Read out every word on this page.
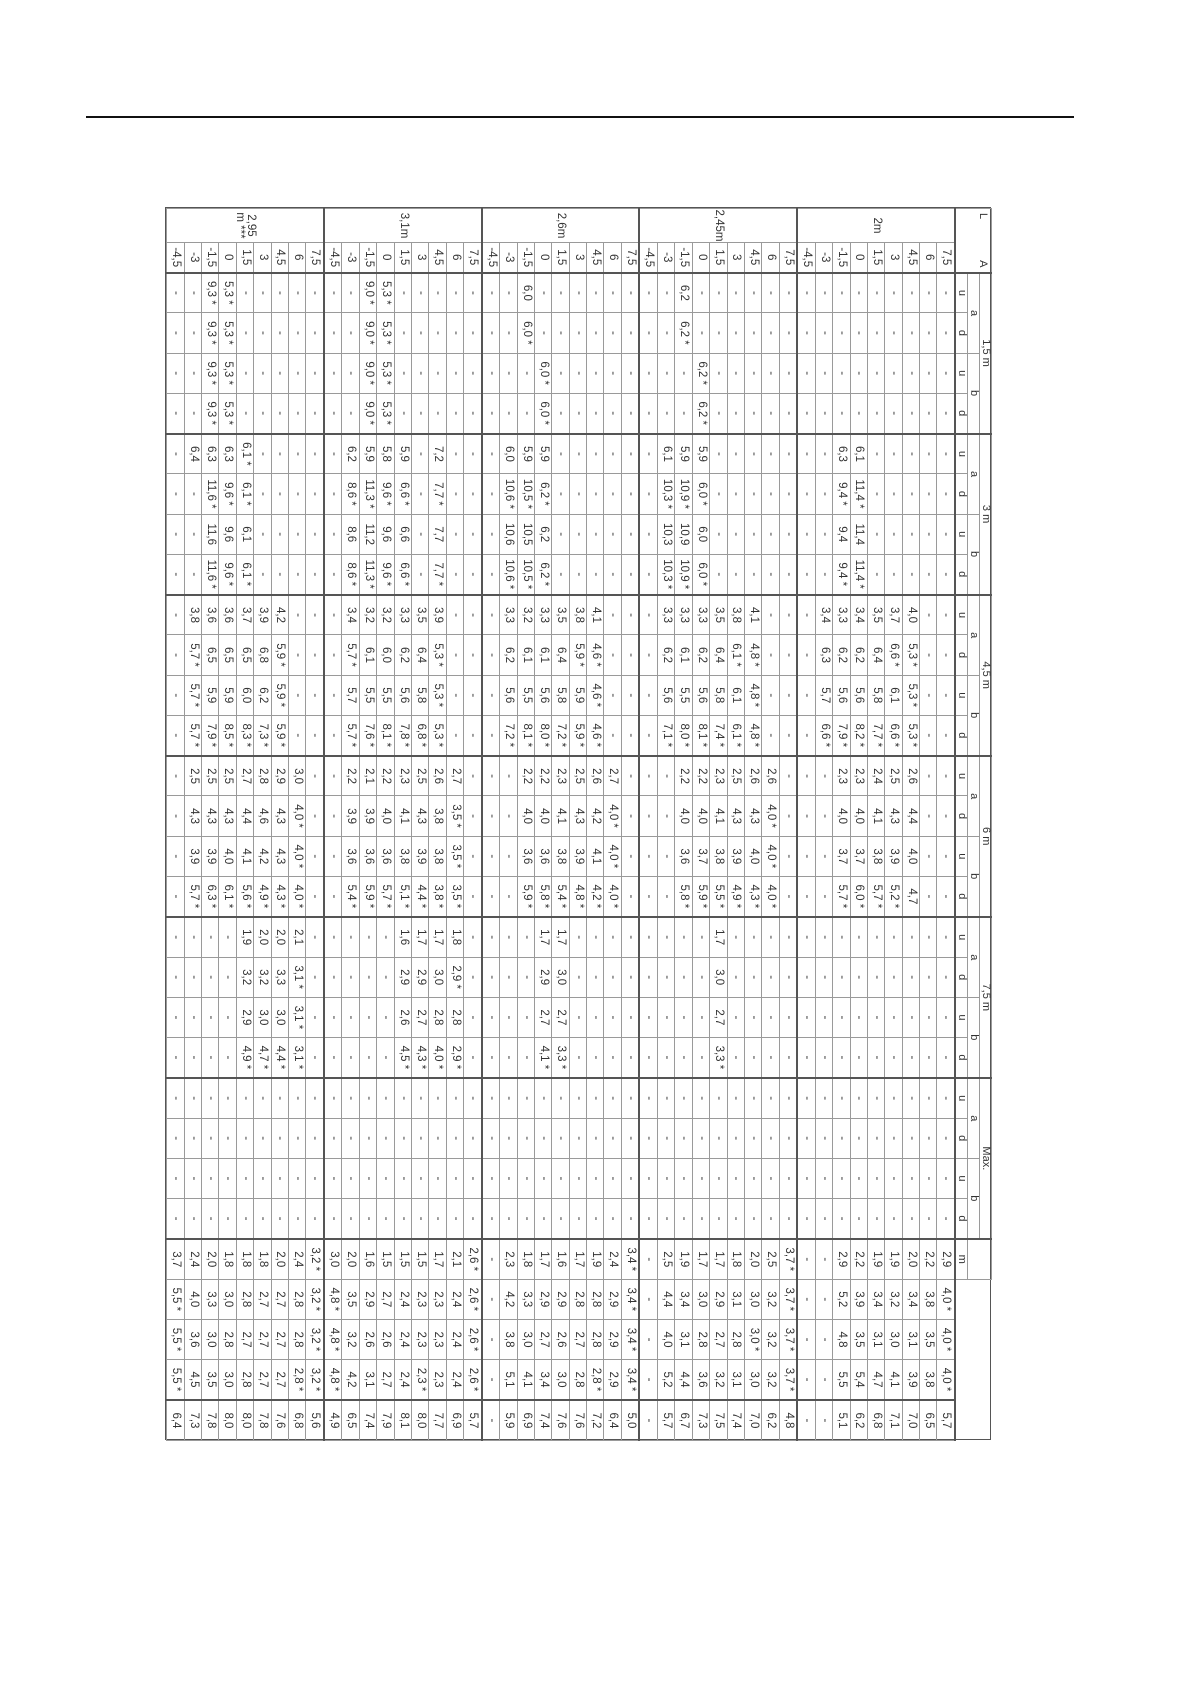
L
A		1,5 m				3 m				4,5 m				6 m				7,5 m				Max.								
		a		b		a		b		a		b		a		b		a		b		a		b						
		u	d	u	d	u	d	u	d	u	d	u	d	u	d	u	d	u	d	u	d	u	d	u	d	m				
2m	7,5	-	-	-	-	-	-	-	-	-	-	-	-	-	-	-	-	-	-	-	-	-	-	-	-	2,9	4,0 *	4,0 *	4,0 *	5,7
	6	-	-	-	-	-	-	-	-	-	-	-	-	-	-	-	-	-	-	-	-	-	-	-	-	2,2	3,8	3,5	3,8	6,5
	4,5	-	-	-	-	-	-	-	-	4,0	5,3 *	5,3 *	5,3 *	2,6	4,4	4,0	4,7	-	-	-	-	-	-	-	-	2,0	3,4	3,1	3,9	7,0
	3	-	-	-	-	-	-	-	-	3,7	6,6 *	6,1	6,6 *	2,5	4,3	3,9	5,2 *	-	-	-	-	-	-	-	-	1,9	3,2	3,0	4,1	7,1
	1,5	-	-	-	-	-	-	-	-	3,5	6,4	5,8	7,7 *	2,4	4,1	3,8	5,7 *	-	-	-	-	-	-	-	-	1,9	3,4	3,1	4,7	6,8
	0	-	-	-	-	6,1	11,4 *	11,4	11,4 *	3,4	6,2	5,6	8,2 *	2,3	4,0	3,7	6,0 *	-	-	-	-	-	-	-	-	2,2	3,9	3,5	5,4	6,2
	-1,5	-	-	-	-	6,3	9,4 *	9,4	9,4 *	3,3	6,2	5,6	7,9 *	2,3	4,0	3,7	5,7 *	-	-	-	-	-	-	-	-	2,9	5,2	4,8	5,5	5,1
	-3	-	-	-	-	-	-	-	-	3,4	6,3	5,7	6,6 *	-	-	-	-	-	-	-	-	-	-	-	-	-	-	-	-	-
	-4,5	-	-	-	-	-	-	-	-	-	-	-	-	-	-	-	-	-	-	-	-	-	-	-	-	-	-	-	-	-
2,45m	7,5	-	-	-	-	-	-	-	-	-	-	-	-	-	-	-	-	-	-	-	-	-	-	-	-	3,7 *	3,7 *	3,7 *	3,7 *	4,8
	6	-	-	-	-	-	-	-	-	-	-	-	-	2,6	4,0 *	4,0 *	4,0 *	-	-	-	-	-	-	-	-	2,5	3,2	3,2	3,2	6,2
	4,5	-	-	-	-	-	-	-	-	4,1	4,8 *	4,8 *	4,8 *	2,6	4,3	4,0	4,3 *	-	-	-	-	-	-	-	-	2,0	3,0	3,0 *	3,0	7,0
	3	-	-	-	-	-	-	-	-	3,8	6,1 *	6,1	6,1 *	2,5	4,3	3,9	4,9 *	-	-	-	-	-	-	-	-	1,8	3,1	2,8	3,1	7,4
	1,5	-	-	-	-	-	-	-	-	3,5	6,4	5,8	7,4 *	2,3	4,1	3,8	5,5 *	1,7	3,0	2,7	3,3 *	-	-	-	-	1,7	2,9	2,7	3,2	7,5
	0	-	-	6,2 *	6,2 *	5,9	6,0 *	6,0	6,0 *	3,3	6,2	5,6	8,1 *	2,2	4,0	3,7	5,9 *	-	-	-	-	-	-	-	-	1,7	3,0	2,8	3,6	7,3
	-1,5	6,2	6,2 *	-	-	5,9	10,9 *	10,9	10,9 *	3,3	6,1	5,5	8,0 *	2,2	4,0	3,6	5,8 *	-	-	-	-	-	-	-	-	1,9	3,4	3,1	4,4	6,7
	-3	-	-	-	-	6,1	10,3 *	10,3	10,3 *	3,3	6,2	5,6	7,1 *	-	-	-	-	-	-	-	-	-	-	-	-	2,5	4,4	4,0	5,2	5,7
	-4,5	-	-	-	-	-	-	-	-	-	-	-	-	-	-	-	-	-	-	-	-	-	-	-	-	-	-	-	-	-
2,6m	7,5	-	-	-	-	-	-	-	-	-	-	-	-	-	-	-	-	-	-	-	-	-	-	-	-	3,4 *	3,4 *	3,4 *	3,4 *	5,0
	6	-	-	-	-	-	-	-	-	-	-	-	-	2,7	4,0 *	4,0 *	4,0 *	-	-	-	-	-	-	-	-	2,4	2,9	2,9	2,9	6,4
	4,5	-	-	-	-	-	-	-	-	4,1	4,6 *	4,6 *	4,6 *	2,6	4,2	4,1	4,2 *	-	-	-	-	-	-	-	-	1,9	2,8	2,8	2,8 *	7,2
	3	-	-	-	-	-	-	-	-	3,8	5,9 *	5,9	5,9 *	2,5	4,3	3,9	4,8 *	-	-	-	-	-	-	-	-	1,7	2,8	2,7	2,8	7,6
	1,5	-	-	-	-	-	-	-	-	3,5	6,4	5,8	7,2 *	2,3	4,1	3,8	5,4 *	1,7	3,0	2,7	3,3 *	-	-	-	-	1,6	2,9	2,6	3,0	7,6
	0	-	-	6,0 *	6,0 *	5,9	6,2 *	6,2	6,2 *	3,3	6,1	5,6	8,0 *	2,2	4,0	3,6	5,8 *	1,7	2,9	2,7	4,1 *	-	-	-	-	1,7	2,9	2,7	3,4	7,4
	-1,5	6,0	6,0 *	-	-	5,9	10,5 *	10,5	10,5 *	3,2	6,1	5,5	8,1 *	2,2	4,0	3,6	5,9 *	-	-	-	-	-	-	-	-	1,8	3,3	3,0	4,1	6,9
	-3	-	-	-	-	6,0	10,6 *	10,6	10,6 *	3,3	6,2	5,6	7,2 *	-	-	-	-	-	-	-	-	-	-	-	-	2,3	4,2	3,8	5,1	5,9
	-4,5	-	-	-	-	-	-	-	-	-	-	-	-	-	-	-	-	-	-	-	-	-	-	-	-	-	-	-	-	-
3,1m	7,5	-	-	-	-	-	-	-	-	-	-	-	-	-	-	-	-	-	-	-	-	-	-	-	-	2,6 *	2,6 *	2,6 *	2,6 *	5,7
	6	-	-	-	-	-	-	-	-	-	-	-	-	2,7	3,5 *	3,5 *	3,5 *	1,8	2,9 *	2,8	2,9 *	-	-	-	-	2,1	2,4	2,4	2,4	6,9
	4,5	-	-	-	-	7,2	7,7 *	7,7	7,7 *	3,9	5,3 *	5,3 *	5,3 *	2,6	3,8	3,8	3,8 *	1,7	3,0	2,8	4,0 *	-	-	-	-	1,7	2,3	2,3	2,3	7,7
	3	-	-	-	-	-	-	-	-	3,5	6,4	5,8	6,8 *	2,5	4,3	3,9	4,4 *	1,7	2,9	2,7	4,3 *	-	-	-	-	1,5	2,3	2,3	2,3 *	8,0
	1,5	-	-	-	-	5,9	6,6 *	6,6	6,6 *	3,3	6,2	5,6	7,8 *	2,3	4,1	3,8	5,1 *	1,6	2,9	2,6	4,5 *	-	-	-	-	1,5	2,4	2,4	2,4	8,1
	0	5,3 *	5,3 *	5,3 *	5,3 *	5,8	9,6 *	9,6	9,6 *	3,2	6,0	5,5	8,1 *	2,2	4,0	3,6	5,7 *	-	-	-	-	-	-	-	-	1,5	2,7	2,6	2,7	7,9
	-1,5	9,0 *	9,0 *	9,0 *	9,0 *	5,9	11,3 *	11,2	11,3 *	3,2	6,1	5,5	7,6 *	2,1	3,9	3,6	5,9 *	-	-	-	-	-	-	-	-	1,6	2,9	2,6	3,1	7,4
	-3	-	-	-	-	6,2	8,6 *	8,6	8,6 *	3,4	5,7 *	5,7	5,7 *	2,2	3,9	3,6	5,4 *	-	-	-	-	-	-	-	-	2,0	3,5	3,2	4,2	6,5
	-4,5	-	-	-	-	-	-	-	-	-	-	-	-	-	-	-	-	-	-	-	-	-	-	-	-	3,0	4,8 *	4,8 *	4,8 *	4,9
2,95 m ***	7,5	-	-	-	-	-	-	-	-	-	-	-	-	-	-	-	-	-	-	-	-	-	-	-	-	3,2 *	3,2 *	3,2 *	3,2 *	5,6
	6	-	-	-	-	-	-	-	-	-	-	-	-	3,0	4,0 *	4,0 *	4,0 *	2,1	3,1 *	3,1 *	3,1 *	-	-	-	-	2,4	2,8	2,8	2,8 *	6,8
	4,5	-	-	-	-	-	-	-	-	4,2	5,9 *	5,9 *	5,9 *	2,9	4,3	4,3	4,3 *	2,0	3,3	3,0	4,4 *	-	-	-	-	2,0	2,7	2,7	2,7	7,6
	3	-	-	-	-	-	-	-	-	3,9	6,8	6,2	7,3 *	2,8	4,6	4,2	4,9 *	2,0	3,2	3,0	4,7 *	-	-	-	-	1,8	2,7	2,7	2,7	7,8
	1,5	-	-	-	-	6,1 *	6,1 *	6,1	6,1 *	3,7	6,5	6,0	8,3 *	2,7	4,4	4,1	5,6 *	1,9	3,2	2,9	4,9 *	-	-	-	-	1,8	2,8	2,7	2,8	8,0
	0	5,3 *	5,3 *	5,3 *	5,3 *	6,3	9,6 *	9,6	9,6 *	3,6	6,5	5,9	8,5 *	2,5	4,3	4,0	6,1 *	-	-	-	-	-	-	-	-	1,8	3,0	2,8	3,0	8,0
	-1,5	9,3 *	9,3 *	9,3 *	9,3 *	6,3	11,6 *	11,6	11,6 *	3,6	6,5	5,9	7,9 *	2,5	4,3	3,9	6,3 *	-	-	-	-	-	-	-	-	2,0	3,3	3,0	3,5	7,8
	-3	-	-	-	-	6,4	-	-	-	3,8	5,7 *	5,7 *	5,7 *	2,5	4,3	3,9	5,7 *	-	-	-	-	-	-	-	-	2,4	4,0	3,6	4,5	7,3
	-4,5	-	-	-	-	-	-	-	-	-	-	-	-	-	-	-	-	-	-	-	-	-	-	-	-	3,7	5,5 *	5,5 *	5,5 *	6,4
